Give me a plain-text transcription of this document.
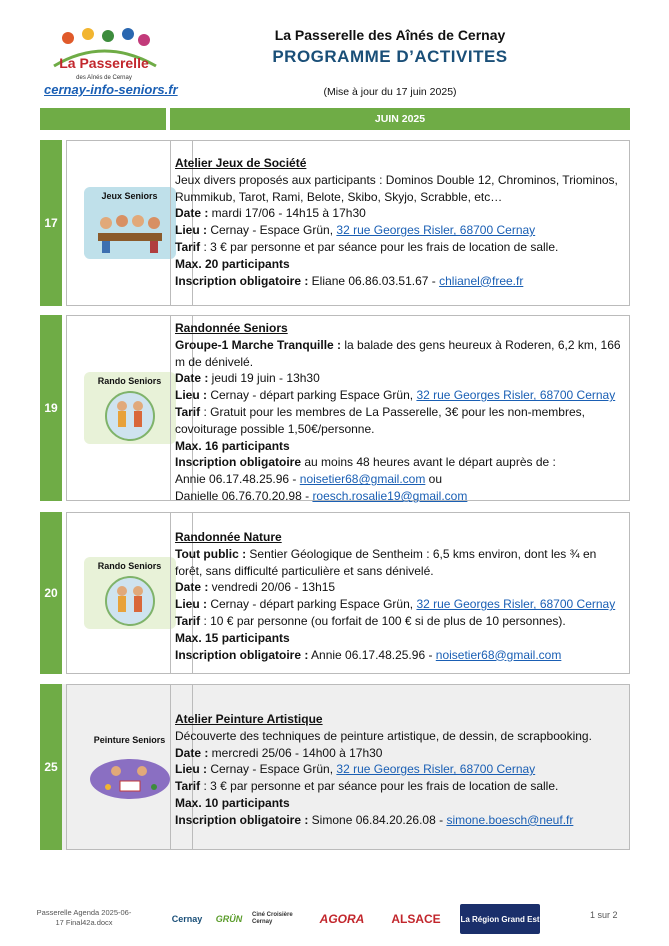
La Passerelle
des Aînés de Cernay
cernay-info-seniors.fr
La Passerelle des Aînés de Cernay
PROGRAMME D’ACTIVITES
(Mise à jour du 17 juin 2025)
JUIN 2025
17
Jeux Seniors
Atelier Jeux de Société
Jeux divers proposés aux participants : Dominos Double 12, Chrominos, Triominos,
Rummikub, Tarot, Rami, Belote, Skibo, Skyjo, Scrabble, etc…
Date : mardi 17/06 - 14h15 à 17h30
Lieu : Cernay - Espace Grün, 32 rue Georges Risler, 68700 Cernay
Tarif : 3 € par personne et par séance pour les frais de location de salle.
Max. 20 participants
Inscription obligatoire : Eliane 06.86.03.51.67 - chlianel@free.fr
19
Rando Seniors
Randonnée Seniors
Groupe-1 Marche Tranquille : la balade des gens heureux à Roderen, 6,2 km, 166 m de dénivelé.
Date : jeudi 19 juin - 13h30
Lieu : Cernay - départ parking Espace Grün, 32 rue Georges Risler, 68700 Cernay
Tarif : Gratuit pour les membres de La Passerelle, 3€ pour les non-membres, covoiturage possible 1,50€/personne.
Max. 16 participants
Inscription obligatoire au moins 48 heures avant le départ auprès de :
Annie 06.17.48.25.96 - noisetier68@gmail.com ou
Danielle 06.76.70.20.98 - roesch.rosalie19@gmail.com
20
Rando Seniors
Randonnée Nature
Tout public : Sentier Géologique de Sentheim : 6,5 kms environ, dont les ¾ en forêt, sans difficulté particulière et sans dénivelé.
Date : vendredi 20/06 - 13h15
Lieu : Cernay - départ parking Espace Grün, 32 rue Georges Risler, 68700 Cernay
Tarif : 10 € par personne (ou forfait de 100 € si de plus de 10 personnes).
Max. 15 participants
Inscription obligatoire : Annie 06.17.48.25.96 - noisetier68@gmail.com
25
Peinture Seniors
Atelier Peinture Artistique
Découverte des techniques de peinture artistique, de dessin, de scrapbooking.
Date : mercredi 25/06 - 14h00 à 17h30
Lieu : Cernay - Espace Grün, 32 rue Georges Risler, 68700 Cernay
Tarif : 3 € par personne et par séance pour les frais de location de salle.
Max. 10 participants
Inscription obligatoire : Simone 06.84.20.26.08 - simone.boesch@neuf.fr
Passerelle Agenda 2025-06-17 Final42a.docx	Cernay	GRÜN	Ciné Croisière Cernay	AGORA	ALSACE	La Région Grand Est	1 sur 2
